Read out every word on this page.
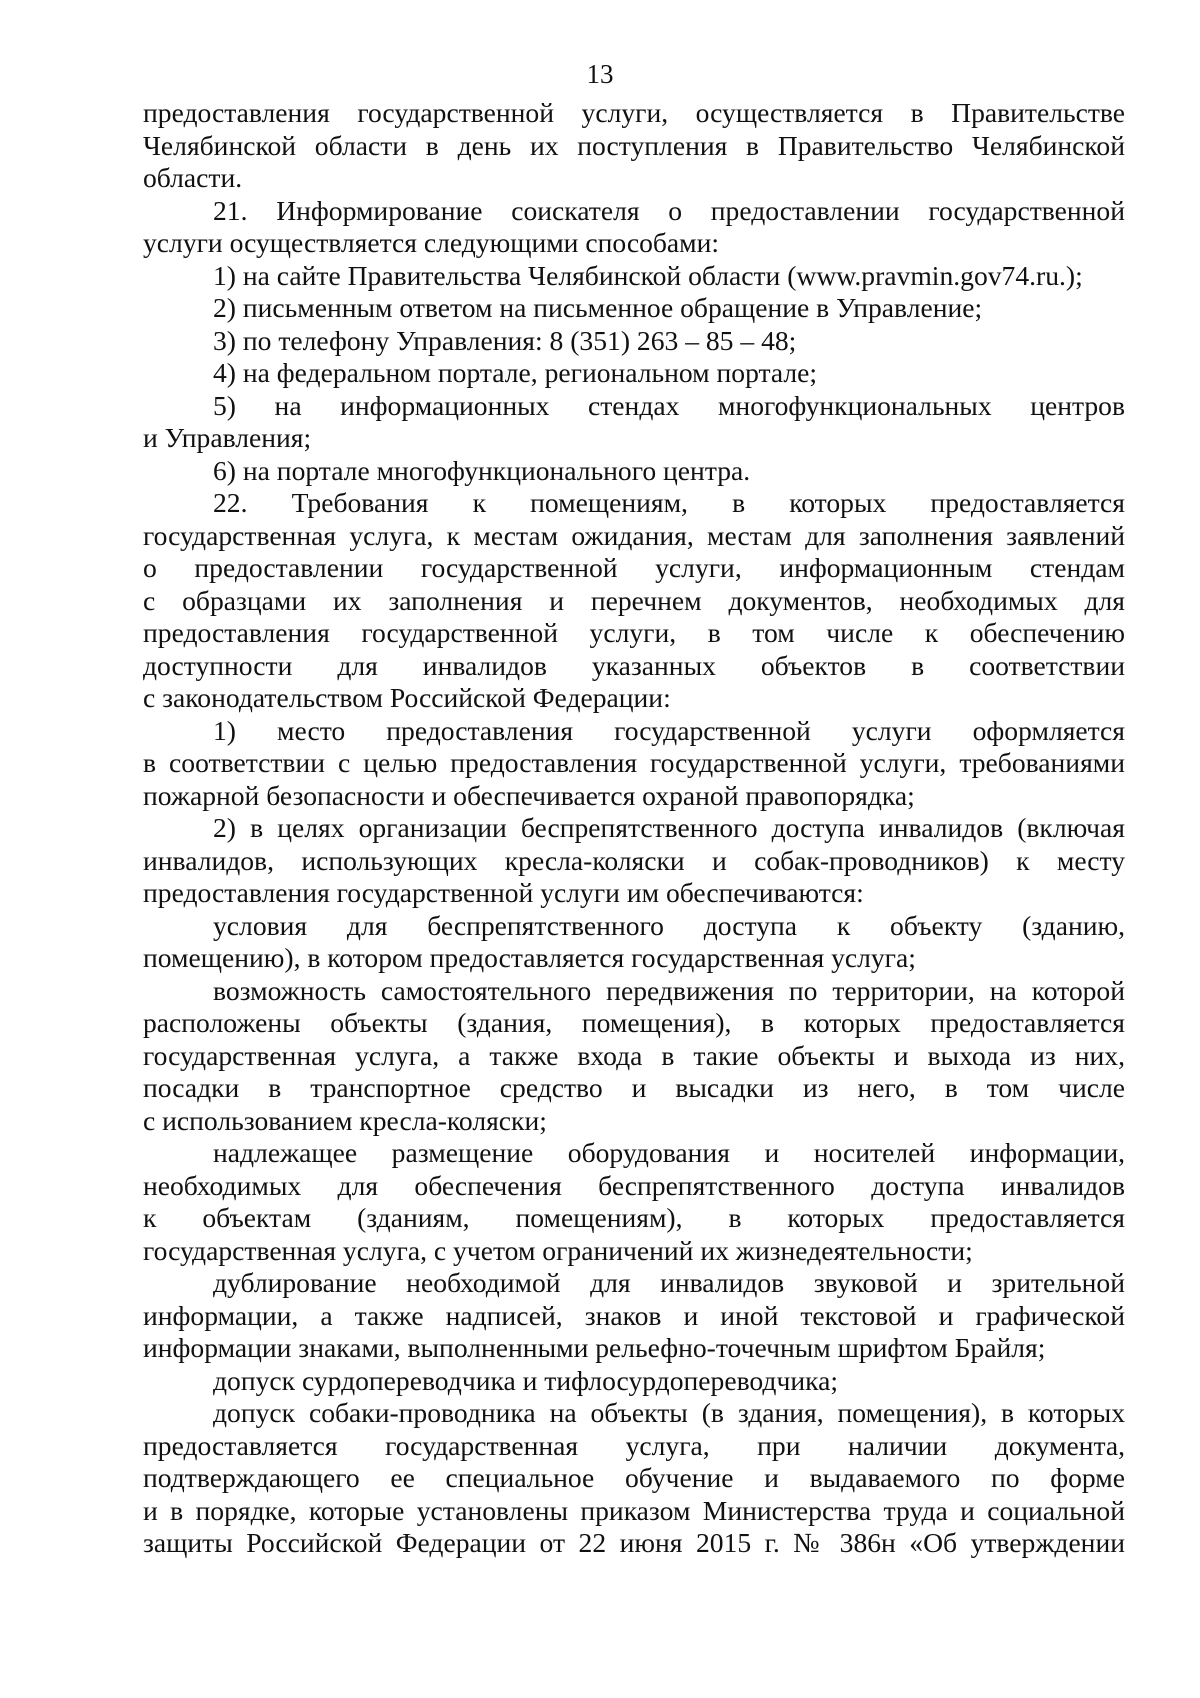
13

предоставления государственной услуги, осуществляется в Правительстве

Челябинской области в день их поступления в Правительство Челябинской

области.

21. Информирование соискателя о предоставлении государственной

услуги осуществляется следующими способами:

1) на сайте Правительства Челябинской области (www.pravmin.gov74.ru.);

2) письменным ответом на письменное обращение в Управление;

3) по телефону Управления: 8 (351) 263 – 85 – 48;

4) на федеральном портале, региональном портале;

5) на информационных стендах многофункциональных центров

и Управления;

6) на портале многофункционального центра.

22. Требования к помещениям, в которых предоставляется

государственная услуга, к местам ожидания, местам для заполнения заявлений

о предоставлении государственной услуги, информационным стендам

с образцами их заполнения и перечнем документов, необходимых для

предоставления государственной услуги, в том числе к обеспечению

доступности для инвалидов указанных объектов в соответствии

с законодательством Российской Федерации:

1) место предоставления государственной услуги оформляется

в соответствии с целью предоставления государственной услуги, требованиями

пожарной безопасности и обеспечивается охраной правопорядка;

2) в целях организации беспрепятственного доступа инвалидов (включая

инвалидов, использующих кресла-коляски и собак-проводников) к месту

предоставления государственной услуги им обеспечиваются:

условия для беспрепятственного доступа к объекту (зданию,

помещению), в котором предоставляется государственная услуга;

возможность самостоятельного передвижения по территории, на которой

расположены объекты (здания, помещения), в которых предоставляется

государственная услуга, а также входа в такие объекты и выхода из них,

посадки в транспортное средство и высадки из него, в том числе

с использованием кресла-коляски;

надлежащее размещение оборудования и носителей информации,

необходимых для обеспечения беспрепятственного доступа инвалидов

к объектам (зданиям, помещениям), в которых предоставляется

государственная услуга, с учетом ограничений их жизнедеятельности;

дублирование необходимой для инвалидов звуковой и зрительной

информации, а также надписей, знаков и иной текстовой и графической

информации знаками, выполненными рельефно-точечным шрифтом Брайля;

допуск сурдопереводчика и тифлосурдопереводчика;

допуск собаки-проводника на объекты (в здания, помещения), в которых

предоставляется государственная услуга, при наличии документа,

подтверждающего ее специальное обучение и выдаваемого по форме

и в порядке, которые установлены приказом Министерства труда и социальной

защиты Российской Федерации от 22 июня 2015 г. № 386н «Об утверждении
